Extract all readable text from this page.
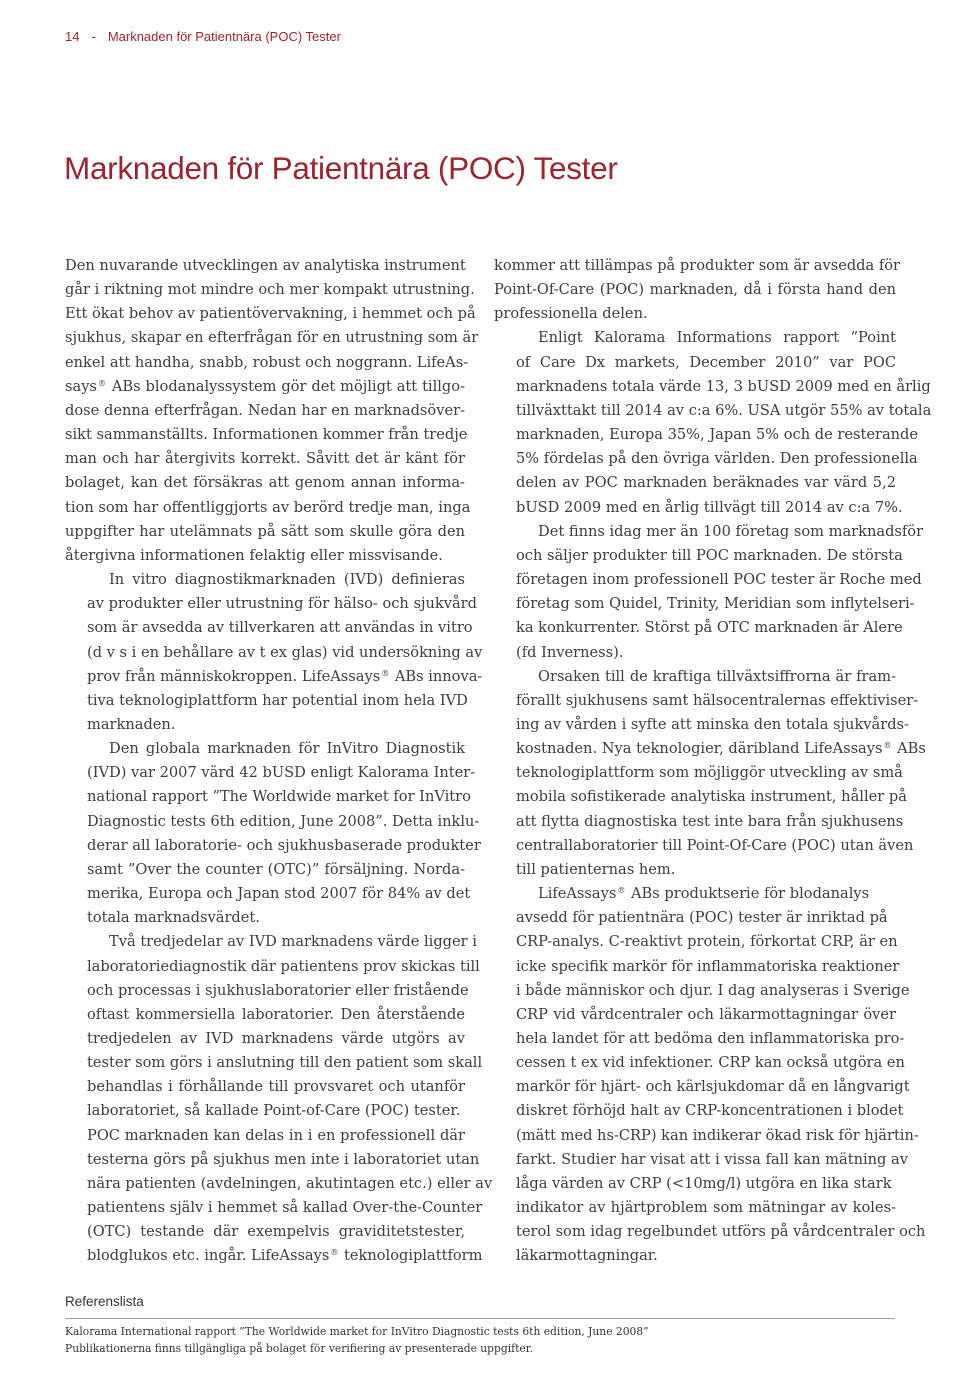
14 - Marknaden för Patientnära (POC) Tester
Marknaden för Patientnära (POC) Tester

Den nuvarande utvecklingen av analytiska instrument
går i riktning mot mindre och mer kompakt utrustning.
Ett ökat behov av patientövervakning, i hemmet och på
sjukhus, skapar en efterfrågan för en utrustning som är
enkel att handha, snabb, robust och noggrann. LifeAs-
says® ABs blodanalyssystem gör det möjligt att tillgo-
dose denna efterfrågan. Nedan har en marknadsöver-
sikt sammanställts. Informationen kommer från tredje
man och har återgivits korrekt. Såvitt det är känt för
bolaget, kan det försäkras att genom annan informa-
tion som har offentliggjorts av berörd tredje man, inga
uppgifter har utelämnats på sätt som skulle göra den
återgivna informationen felaktig eller missvisande.

In vitro diagnostikmarknaden (IVD) definieras
av produkter eller utrustning för hälso- och sjukvård
som är avsedda av tillverkaren att användas in vitro
(d v s i en behållare av t ex glas) vid undersökning av
prov från människokroppen. LifeAssays® ABs innova-
tiva teknologiplattform har potential inom hela IVD
marknaden.

Den globala marknaden för InVitro Diagnostik
(IVD) var 2007 värd 42 bUSD enligt Kalorama Inter-
national rapport ”The Worldwide market for InVitro
Diagnostic tests 6th edition, June 2008”. Detta inklu-
derar all laboratorie- och sjukhusbaserade produkter
samt ”Over the counter (OTC)” försäljning. Norda-
merika, Europa och Japan stod 2007 för 84% av det
totala marknadsvärdet.

Två tredjedelar av IVD marknadens värde ligger i
laboratoriediagnostik där patientens prov skickas till
och processas i sjukhuslaboratorier eller fristående
oftast kommersiella laboratorier. Den återstående
tredjedelen av IVD marknadens värde utgörs av
tester som görs i anslutning till den patient som skall
behandlas i förhållande till provsvaret och utanför
laboratoriet, så kallade Point-of-Care (POC) tester.
POC marknaden kan delas in i en professionell där
testerna görs på sjukhus men inte i laboratoriet utan
nära patienten (avdelningen, akutintagen etc.) eller av
patientens själv i hemmet så kallad Over-the-Counter
(OTC) testande där exempelvis graviditetstester,
blodglukos etc. ingår. LifeAssays® teknologiplattform

kommer att tillämpas på produkter som är avsedda för
Point-Of-Care (POC) marknaden, då i första hand den
professionella delen.

Enligt Kalorama Informations rapport ”Point
of Care Dx markets, December 2010” var POC
marknadens totala värde 13, 3 bUSD 2009 med en årlig
tillväxttakt till 2014 av c:a 6%. USA utgör 55% av totala
marknaden, Europa 35%, Japan 5% och de resterande
5% fördelas på den övriga världen. Den professionella
delen av POC marknaden beräknades var värd 5,2
bUSD 2009 med en årlig tillvägt till 2014 av c:a 7%.

Det finns idag mer än 100 företag som marknadsför
och säljer produkter till POC marknaden. De största
företagen inom professionell POC tester är Roche med
företag som Quidel, Trinity, Meridian som inflytelseri-
ka konkurrenter. Störst på OTC marknaden är Alere
(fd Inverness).

Orsaken till de kraftiga tillväxtsiffrorna är fram-
förallt sjukhusens samt hälsocentralernas effektiviser-
ing av vården i syfte att minska den totala sjukvårds-
kostnaden. Nya teknologier, däribland LifeAssays® ABs
teknologiplattform som möjliggör utveckling av små
mobila sofistikerade analytiska instrument, håller på
att flytta diagnostiska test inte bara från sjukhusens
centrallaboratorier till Point-Of-Care (POC) utan även
till patienternas hem.

LifeAssays® ABs produktserie för blodanalys
avsedd för patientnära (POC) tester är inriktad på
CRP-analys. C-reaktivt protein, förkortat CRP, är en
icke specifik markör för inflammatoriska reaktioner
i både människor och djur. I dag analyseras i Sverige
CRP vid vårdcentraler och läkarmottagningar över
hela landet för att bedöma den inflammatoriska pro-
cessen t ex vid infektioner. CRP kan också utgöra en
markör för hjärt- och kärlsjukdomar då en långvarigt
diskret förhöjd halt av CRP-koncentrationen i blodet
(mätt med hs-CRP) kan indikerar ökad risk för hjärtin-
farkt. Studier har visat att i vissa fall kan mätning av
låga värden av CRP (<10mg/l) utgöra en lika stark
indikator av hjärtproblem som mätningar av koles-
terol som idag regelbundet utförs på vårdcentraler och
läkarmottagningar.

Referenslista
Kalorama International rapport ”The Worldwide market for InVitro Diagnostic tests 6th edition, June 2008”
Publikationerna finns tillgängliga på bolaget för verifiering av presenterade uppgifter.
